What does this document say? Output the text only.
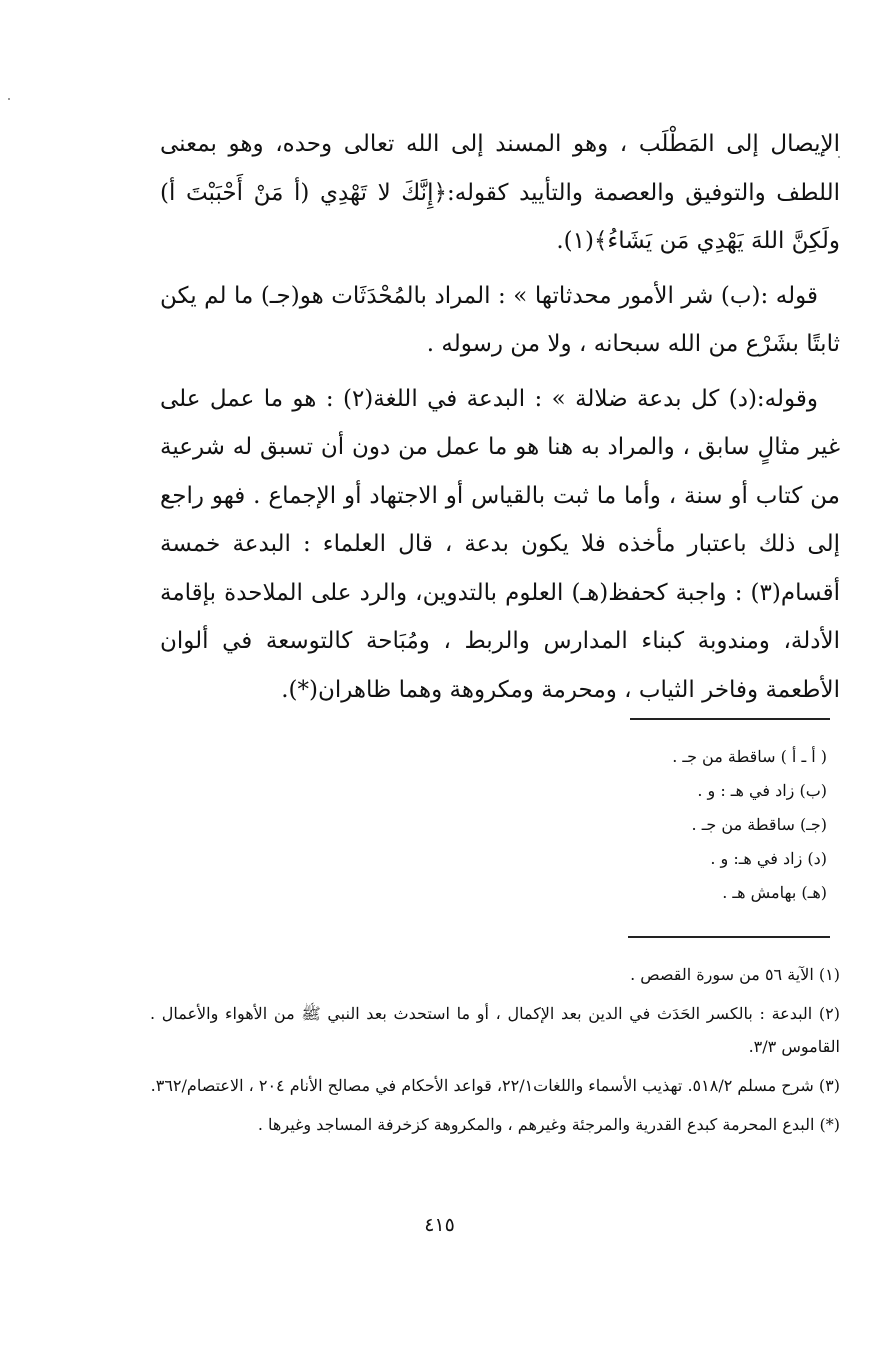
الإيصال إلى المَطْلَب ، وهو المسند إلى الله تعالى وحده، وهو بمعنى اللطف والتوفيق والعصمة والتأييد كقوله:﴿إِنَّكَ لا تَهْدِي (أ مَنْ أَحْبَبْتَ أ) ولَكِنَّ اللهَ يَهْدِي مَن يَشَاءُ﴾(١).

قوله :(ب) شر الأمور محدثاتها » : المراد بالمُحْدَثَات هو(جـ) ما لم يكن ثابتًا بشَرْع من الله سبحانه ، ولا من رسوله .

وقوله:(د) كل بدعة ضلالة » : البدعة في اللغة(٢) : هو ما عمل على غير مثالٍ سابق ، والمراد به هنا هو ما عمل من دون أن تسبق له شرعية من كتاب أو سنة ، وأما ما ثبت بالقياس أو الاجتهاد أو الإجماع . فهو راجع إلى ذلك باعتبار مأخذه فلا يكون بدعة ، قال العلماء : البدعة خمسة أقسام(٣) : واجبة كحفظ(هـ) العلوم بالتدوين، والرد على الملاحدة بإقامة الأدلة، ومندوبة كبناء المدارس والربط ، ومُبَاحة كالتوسعة في ألوان الأطعمة وفاخر الثياب ، ومحرمة ومكروهة وهما ظاهران(*).

( أ ـ أ ) ساقطة من جـ .
(ب) زاد في هـ : و .
(جـ) ساقطة من جـ .
(د) زاد في هـ: و .
(هـ) بهامش هـ .
(١) الآية ٥٦ من سورة القصص .
(٢) البدعة : بالكسر الحَدَث في الدين بعد الإكمال ، أو ما استحدث بعد النبي ﷺ من الأهواء والأعمال . القاموس ٣/٣.
(٣) شرح مسلم ٥١٨/٢. تهذيب الأسماء واللغات٢٢/١، قواعد الأحكام في مصالح الأنام ٢٠٤ ، الاعتصام/٣٦٢.
(*) البدع المحرمة كبدع القدرية والمرجئة وغيرهم ، والمكروهة كزخرفة المساجد وغيرها .
٤١٥
